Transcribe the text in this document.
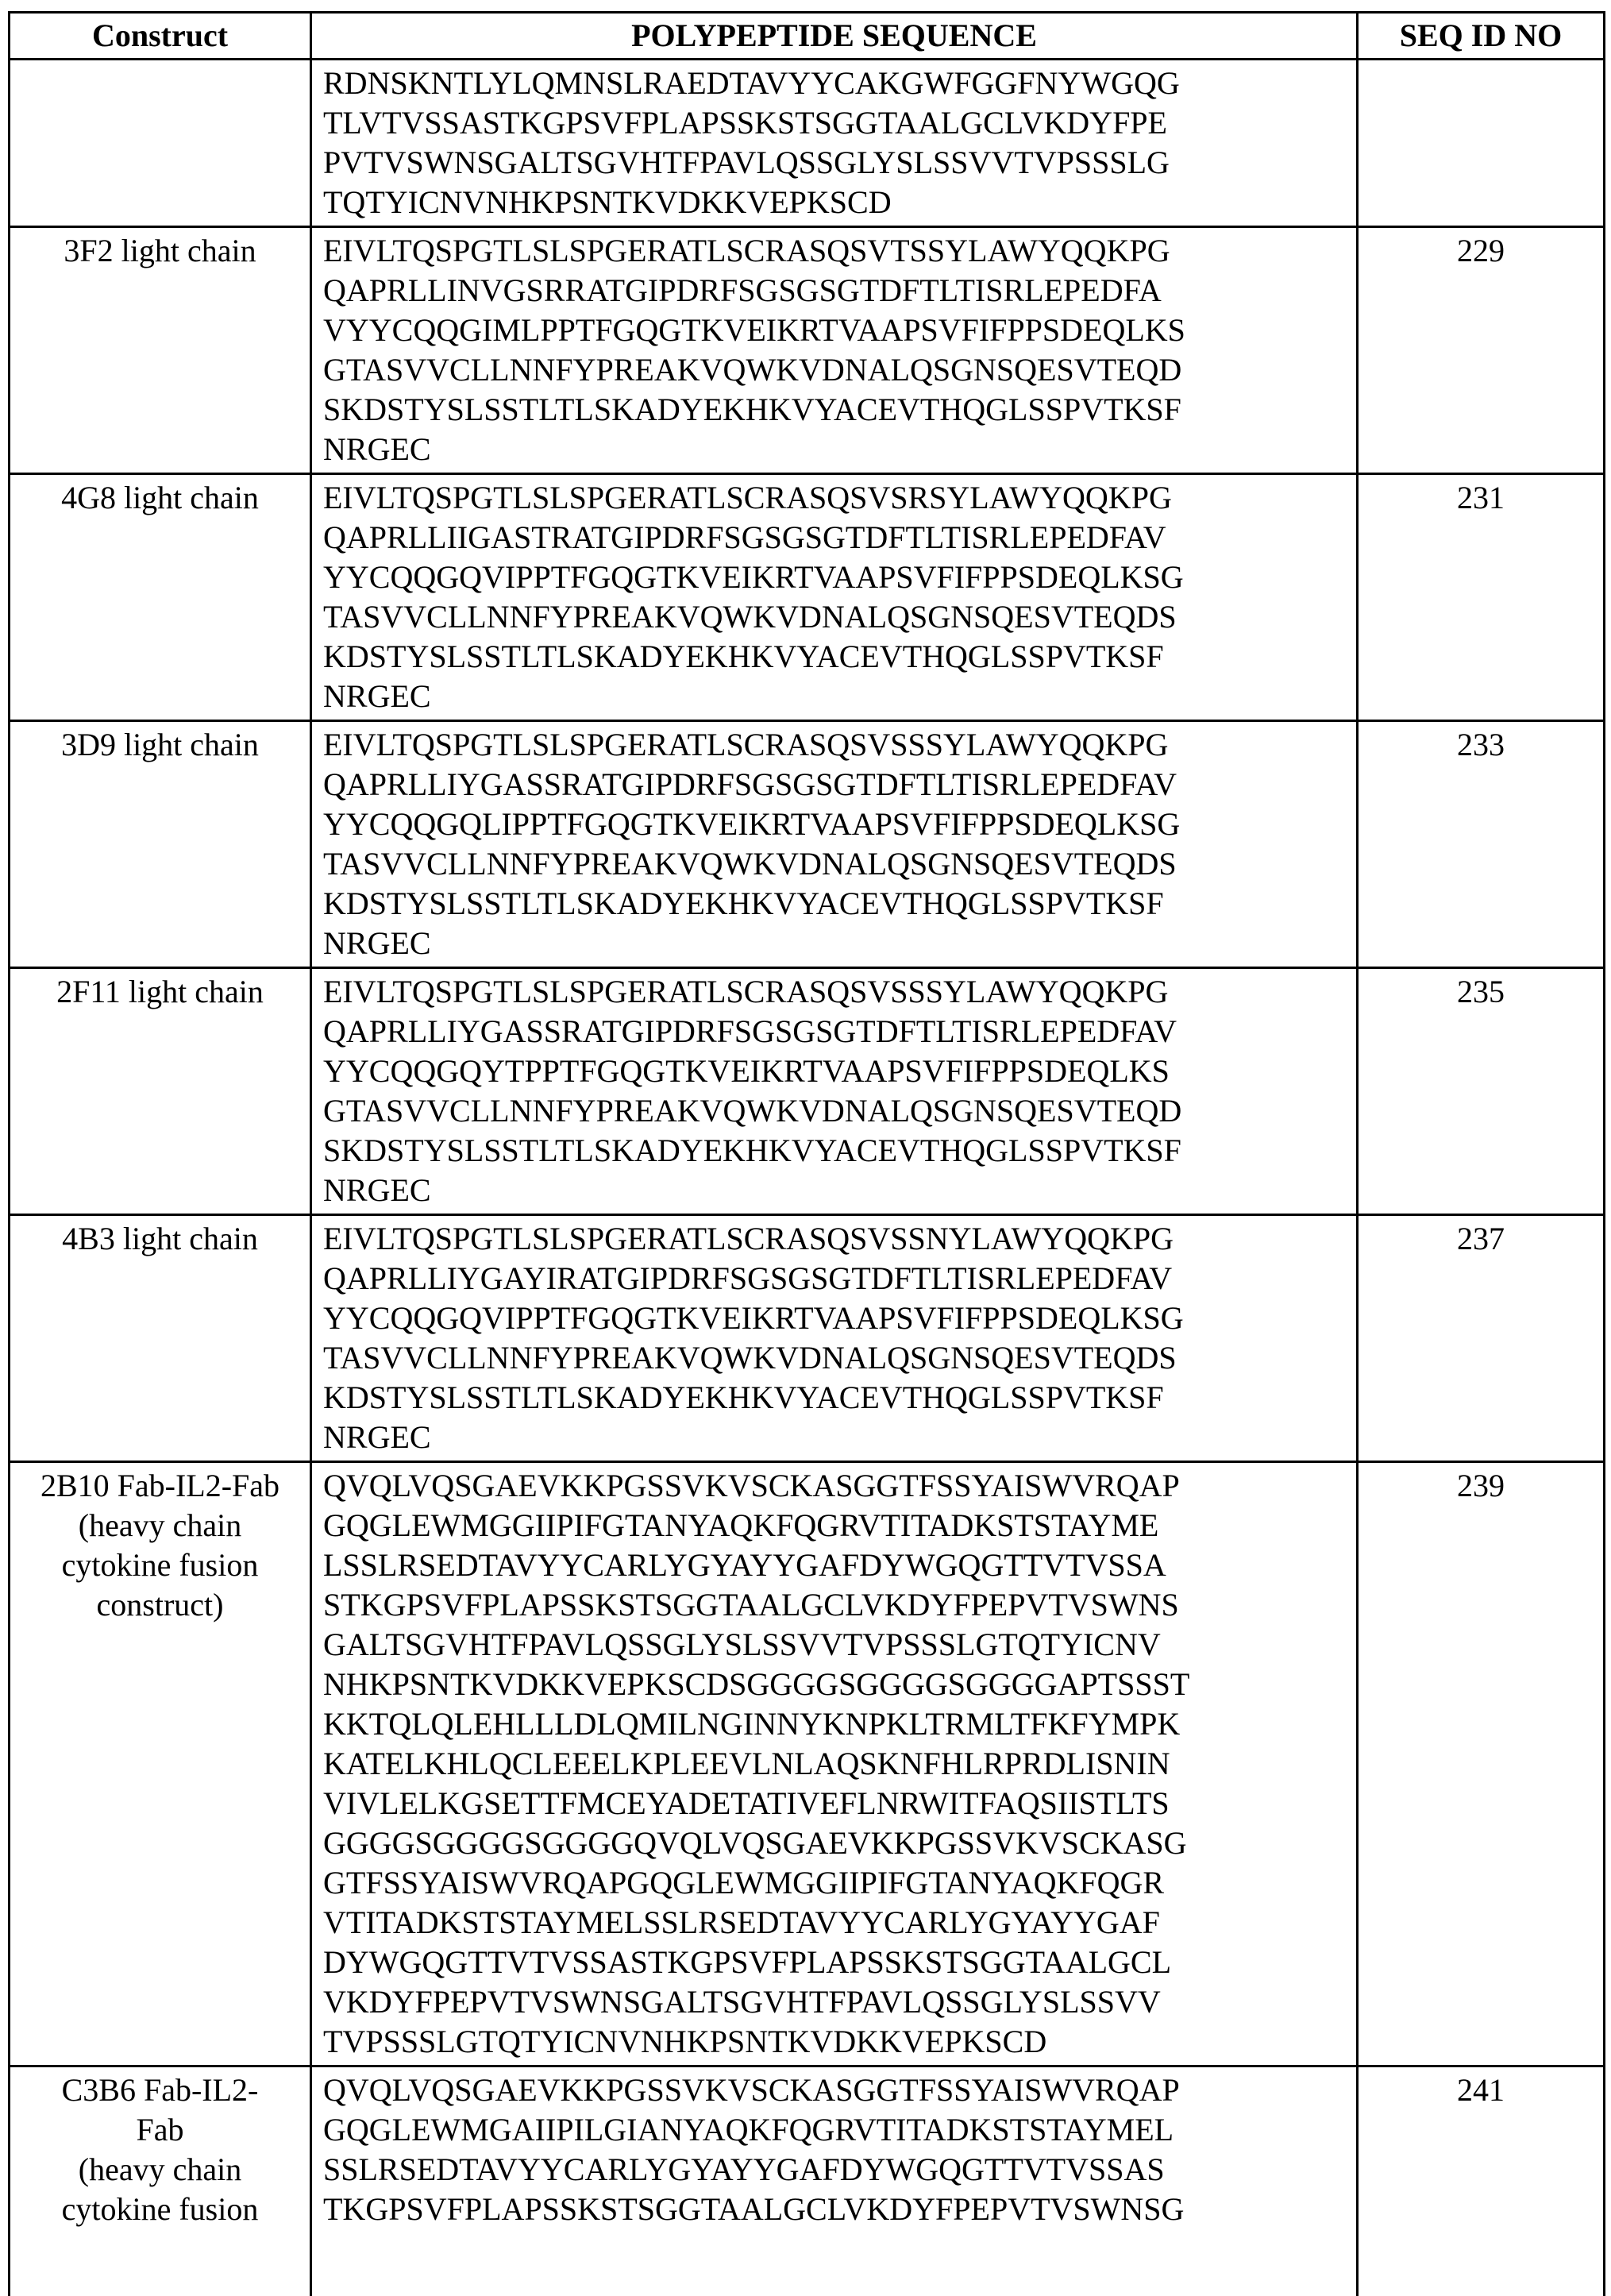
Construct	POLYPEPTIDE SEQUENCE	SEQ ID NO
	RDNSKNTLYLQMNSLRAEDTAVYYCAKGWFGGFNYWGQG
TLVTVSSASTKGPSVFPLAPSSKSTSGGTAALGCLVKDYFPE
PVTVSWNSGALTSGVHTFPAVLQSSGLYSLSSVVTVPSSSLG
TQTYICNVNHKPSNTKVDKKVEPKSCD	
3F2 light chain	EIVLTQSPGTLSLSPGERATLSCRASQSVTSSYLAWYQQKPG
QAPRLLINVGSRRATGIPDRFSGSGSGTDFTLTISRLEPEDFA
VYYCQQGIMLPPTFGQGTKVEIKRTVAAPSVFIFPPSDEQLKS
GTASVVCLLNNFYPREAKVQWKVDNALQSGNSQESVTEQD
SKDSTYSLSSTLTLSKADYEKHKVYACEVTHQGLSSPVTKSF
NRGEC	229
4G8 light chain	EIVLTQSPGTLSLSPGERATLSCRASQSVSRSYLAWYQQKPG
QAPRLLIIGASTRATGIPDRFSGSGSGTDFTLTISRLEPEDFAV
YYCQQGQVIPPTFGQGTKVEIKRTVAAPSVFIFPPSDEQLKSG
TASVVCLLNNFYPREAKVQWKVDNALQSGNSQESVTEQDS
KDSTYSLSSTLTLSKADYEKHKVYACEVTHQGLSSPVTKSF
NRGEC	231
3D9 light chain	EIVLTQSPGTLSLSPGERATLSCRASQSVSSSYLAWYQQKPG
QAPRLLIYGASSRATGIPDRFSGSGSGTDFTLTISRLEPEDFAV
YYCQQGQLIPPTFGQGTKVEIKRTVAAPSVFIFPPSDEQLKSG
TASVVCLLNNFYPREAKVQWKVDNALQSGNSQESVTEQDS
KDSTYSLSSTLTLSKADYEKHKVYACEVTHQGLSSPVTKSF
NRGEC	233
2F11 light chain	EIVLTQSPGTLSLSPGERATLSCRASQSVSSSYLAWYQQKPG
QAPRLLIYGASSRATGIPDRFSGSGSGTDFTLTISRLEPEDFAV
YYCQQGQYTPPTFGQGTKVEIKRTVAAPSVFIFPPSDEQLKS
GTASVVCLLNNFYPREAKVQWKVDNALQSGNSQESVTEQD
SKDSTYSLSSTLTLSKADYEKHKVYACEVTHQGLSSPVTKSF
NRGEC	235
4B3 light chain	EIVLTQSPGTLSLSPGERATLSCRASQSVSSNYLAWYQQKPG
QAPRLLIYGAYIRATGIPDRFSGSGSGTDFTLTISRLEPEDFAV
YYCQQGQVIPPTFGQGTKVEIKRTVAAPSVFIFPPSDEQLKSG
TASVVCLLNNFYPREAKVQWKVDNALQSGNSQESVTEQDS
KDSTYSLSSTLTLSKADYEKHKVYACEVTHQGLSSPVTKSF
NRGEC	237
2B10 Fab-IL2-Fab
(heavy chain
cytokine fusion
construct)	QVQLVQSGAEVKKPGSSVKVSCKASGGTFSSYAISWVRQAP
GQGLEWMGGIIPIFGTANYAQKFQGRVTITADKSTSTAYME
LSSLRSEDTAVYYCARLYGYAYYGAFDYWGQGTTVTVSSA
STKGPSVFPLAPSSKSTSGGTAALGCLVKDYFPEPVTVSWNS
GALTSGVHTFPAVLQSSGLYSLSSVVTVPSSSLGTQTYICNV
NHKPSNTKVDKKVEPKSCDSGGGGSGGGGSGGGGAPTSSST
KKTQLQLEHLLLDLQMILNGINNYKNPKLTRMLTFKFYMPK
KATELKHLQCLEEELKPLEEVLNLAQSKNFHLRPRDLISNIN
VIVLELKGSETTFMCEYADETATIVEFLNRWITFAQSIISTLTS
GGGGSGGGGSGGGGQVQLVQSGAEVKKPGSSVKVSCKASG
GTFSSYAISWVRQAPGQGLEWMGGIIPIFGTANYAQKFQGR
VTITADKSTSTAYMELSSLRSEDTAVYYCARLYGYAYYGAF
DYWGQGTTVTVSSASTKGPSVFPLAPSSKSTSGGTAALGCL
VKDYFPEPVTVSWNSGALTSGVHTFPAVLQSSGLYSLSSVV
TVPSSSLGTQTYICNVNHKPSNTKVDKKVEPKSCD	239
C3B6 Fab-IL2-
Fab
(heavy chain
cytokine fusion	QVQLVQSGAEVKKPGSSVKVSCKASGGTFSSYAISWVRQAP
GQGLEWMGAIIPILGIANYAQKFQGRVTITADKSTSTAYMEL
SSLRSEDTAVYYCARLYGYAYYGAFDYWGQGTTVTVSSAS
TKGPSVFPLAPSSKSTSGGTAALGCLVKDYFPEPVTVSWNSG	241
